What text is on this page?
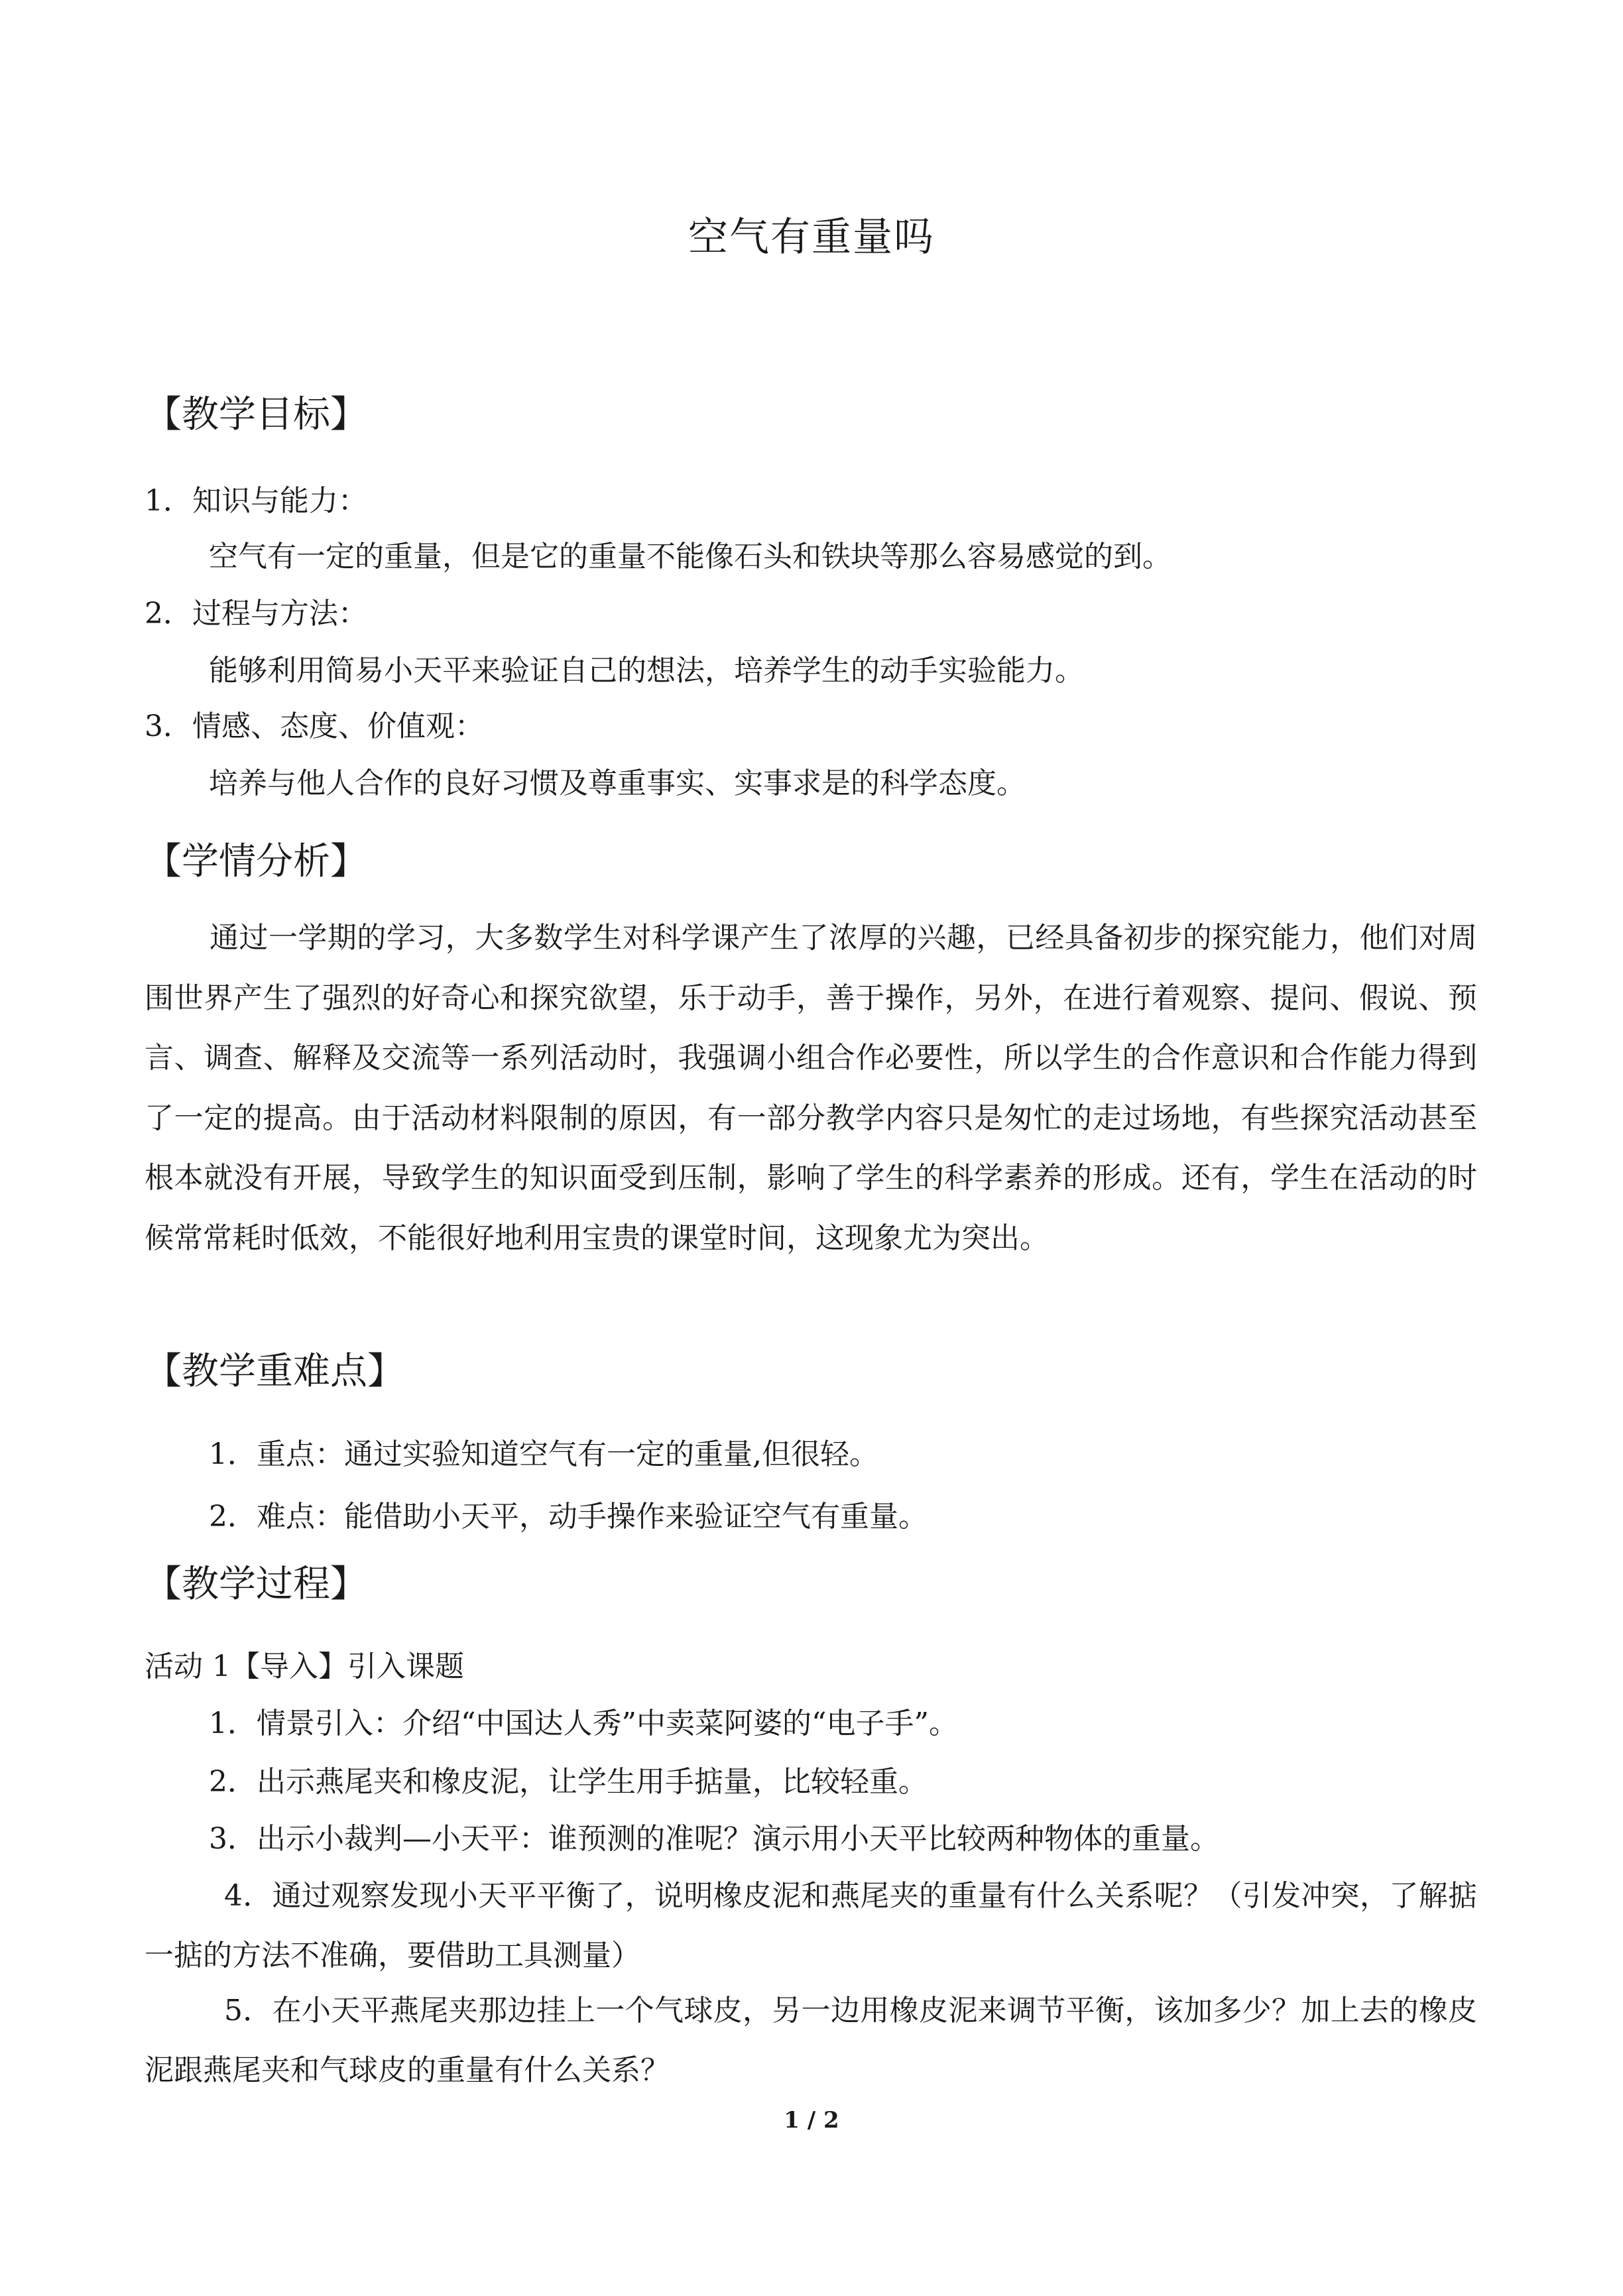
空气有重量吗
【教学目标】
1．知识与能力：
空气有一定的重量，但是它的重量不能像石头和铁块等那么容易感觉的到。
2．过程与方法：
能够利用简易小天平来验证自己的想法，培养学生的动手实验能力。
3．情感、态度、价值观：
培养与他人合作的良好习惯及尊重事实、实事求是的科学态度。
【学情分析】
通过一学期的学习，大多数学生对科学课产生了浓厚的兴趣，已经具备初步的探究能力，他们对周围世界产生了强烈的好奇心和探究欲望，乐于动手，善于操作，另外，在进行着观察、提问、假说、预言、调查、解释及交流等一系列活动时，我强调小组合作必要性，所以学生的合作意识和合作能力得到了一定的提高。由于活动材料限制的原因，有一部分教学内容只是匆忙的走过场地，有些探究活动甚至根本就没有开展，导致学生的知识面受到压制，影响了学生的科学素养的形成。还有，学生在活动的时候常常耗时低效，不能很好地利用宝贵的课堂时间，这现象尤为突出。
【教学重难点】
1．重点：通过实验知道空气有一定的重量,但很轻。
2．难点：能借助小天平，动手操作来验证空气有重量。
【教学过程】
活动 1【导入】引入课题
1．情景引入：介绍“中国达人秀”中卖菜阿婆的“电子手”。
2．出示燕尾夹和橡皮泥，让学生用手掂量，比较轻重。
3．出示小裁判—小天平：谁预测的准呢？演示用小天平比较两种物体的重量。
4．通过观察发现小天平平衡了，说明橡皮泥和燕尾夹的重量有什么关系呢？（引发冲突，了解掂一掂的方法不准确，要借助工具测量）
5．在小天平燕尾夹那边挂上一个气球皮，另一边用橡皮泥来调节平衡，该加多少？加上去的橡皮泥跟燕尾夹和气球皮的重量有什么关系？
1 / 2
